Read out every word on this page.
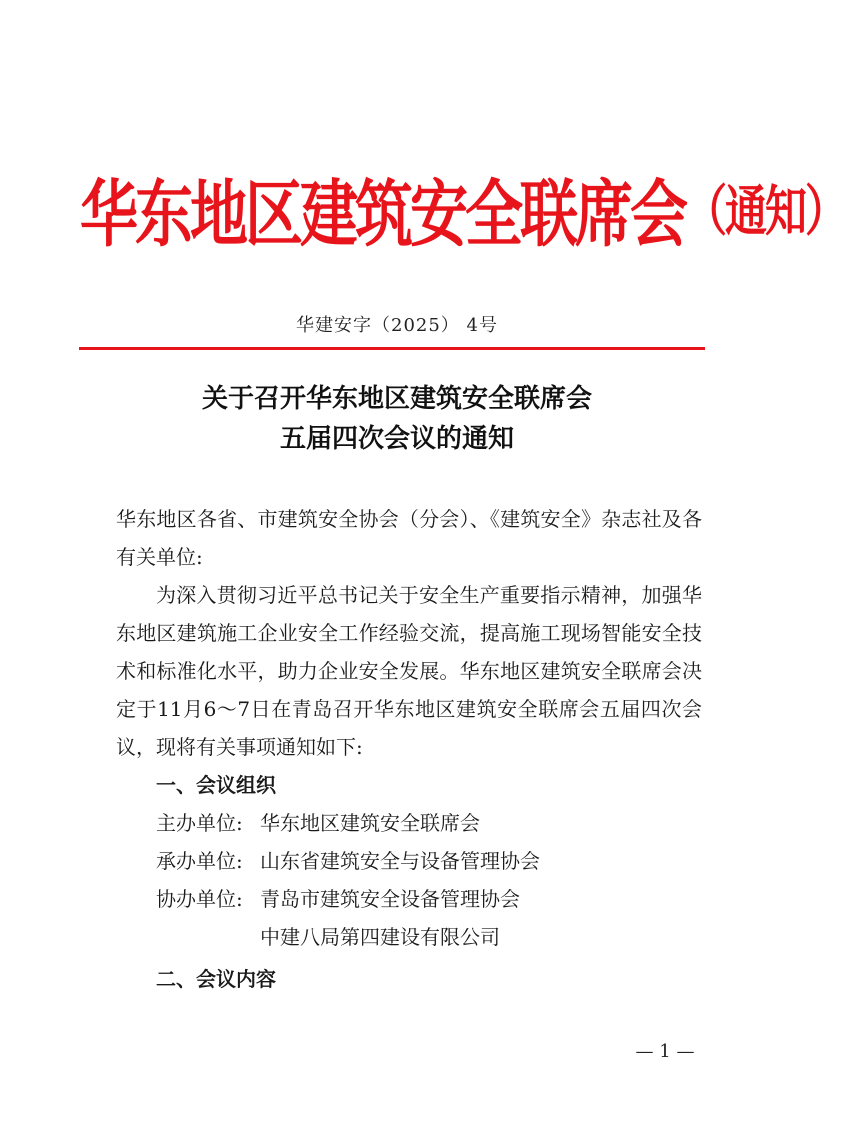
华东地区建筑安全联席会 （通知）
华建安字（2025） 4号
关于召开华东地区建筑安全联席会
五届四次会议的通知

华东地区各省、市建筑安全协会（分会）、《建筑安全》杂志社及各有关单位:

为深入贯彻习近平总书记关于安全生产重要指示精神，加强华东地区建筑施工企业安全工作经验交流，提高施工现场智能安全技术和标准化水平，助力企业安全发展。华东地区建筑安全联席会决定于11月6～7日在青岛召开华东地区建筑安全联席会五届四次会议，现将有关事项通知如下:

一、会议组织

主办单位: 华东地区建筑安全联席会
承办单位: 山东省建筑安全与设备管理协会
协办单位: 青岛市建筑安全设备管理协会
中建八局第四建设有限公司

二、会议内容

— 1 —
